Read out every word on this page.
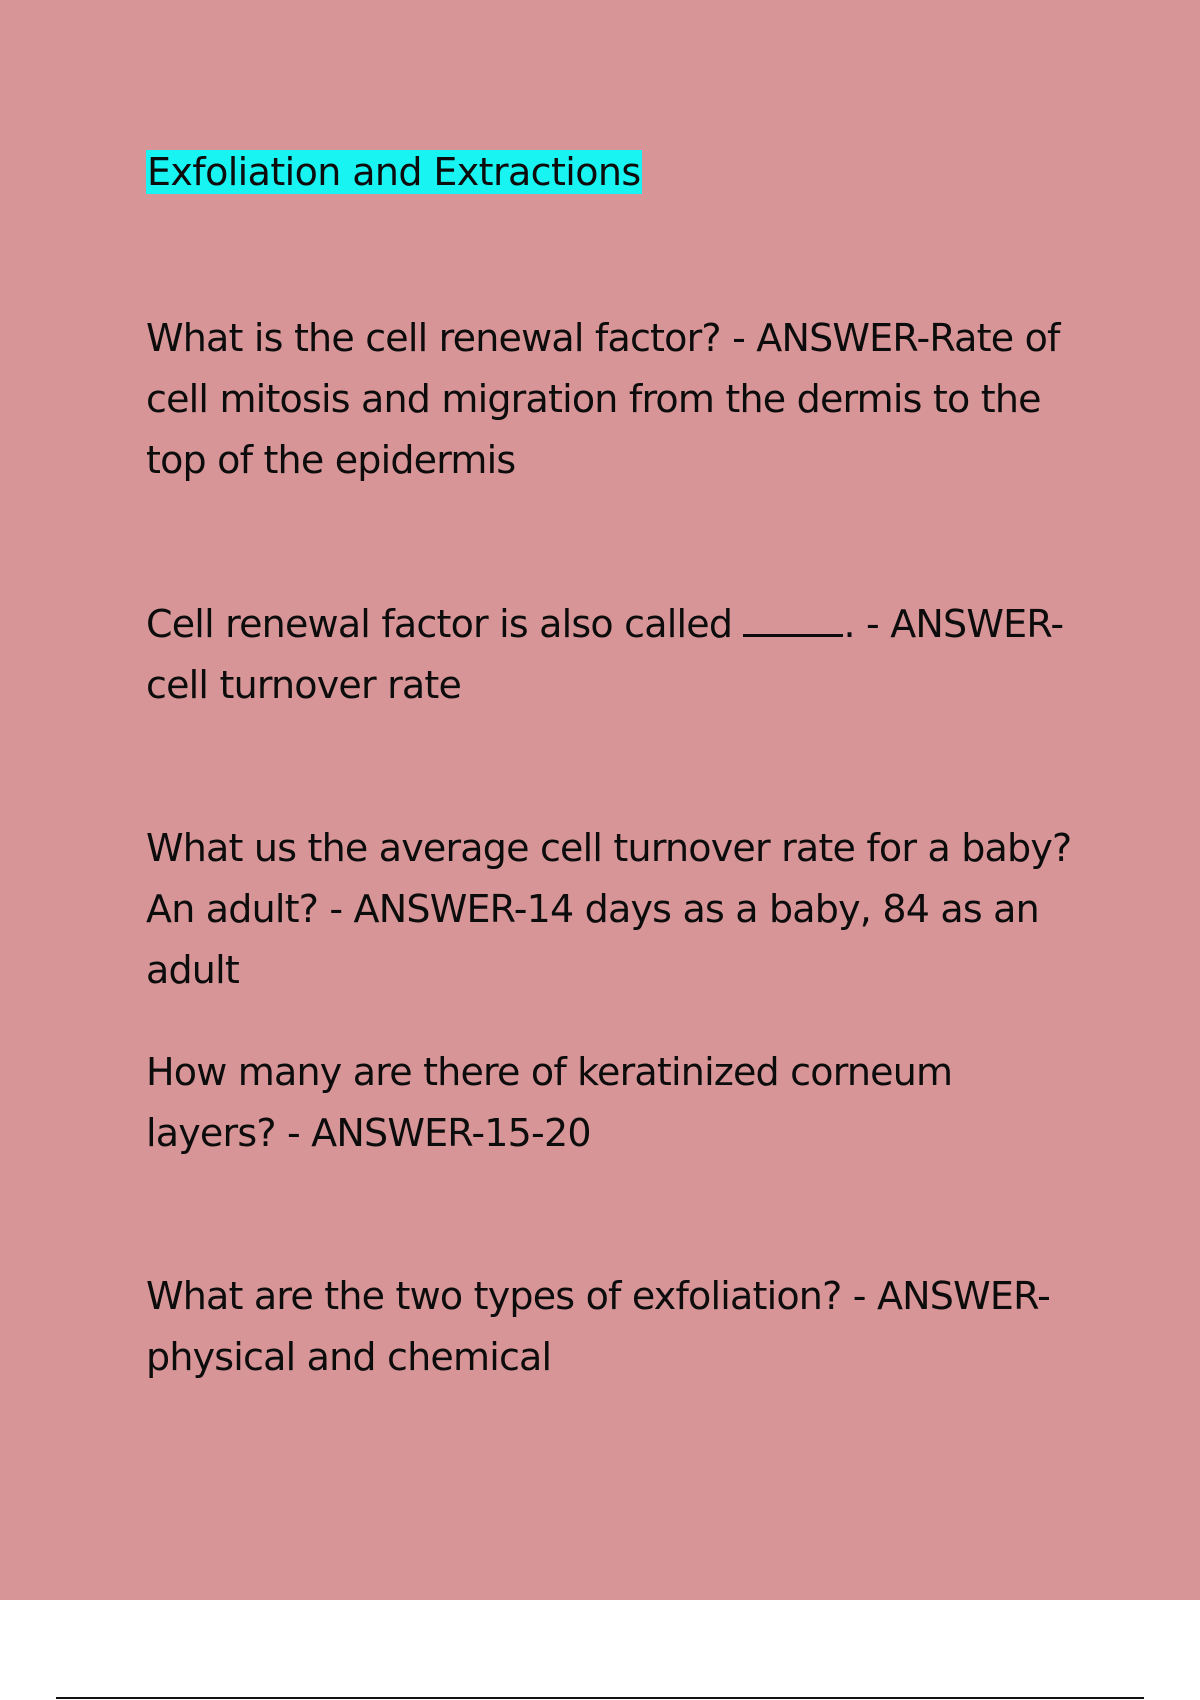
Exfoliation and Extractions

What is the cell renewal factor? - ANSWER-Rate of cell mitosis and migration from the dermis to the top of the epidermis

Cell renewal factor is also called	. - ANSWER-cell turnover rate

What us the average cell turnover rate for a baby? An adult? - ANSWER-14 days as a baby, 84 as an adult

How many are there of keratinized corneum layers? - ANSWER-15-20

What are the two types of exfoliation? - ANSWER-physical and chemical
